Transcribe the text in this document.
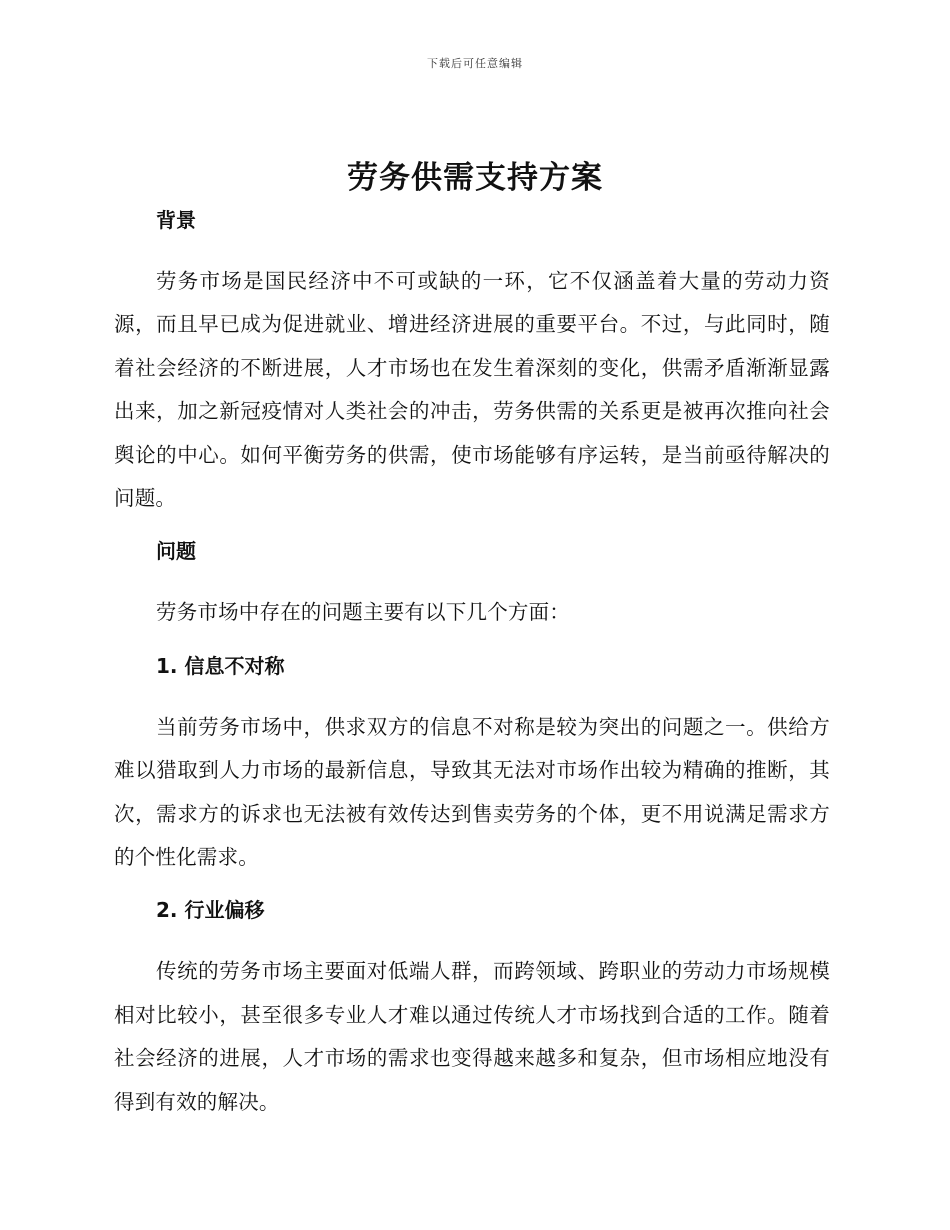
下载后可任意编辑
劳务供需支持方案
背景

劳务市场是国民经济中不可或缺的一环，它不仅涵盖着大量的劳动力资源，而且早已成为促进就业、增进经济进展的重要平台。不过，与此同时，随着社会经济的不断进展，人才市场也在发生着深刻的变化，供需矛盾渐渐显露出来，加之新冠疫情对人类社会的冲击，劳务供需的关系更是被再次推向社会舆论的中心。如何平衡劳务的供需，使市场能够有序运转，是当前亟待解决的问题。

问题

劳务市场中存在的问题主要有以下几个方面：

1. 信息不对称

当前劳务市场中，供求双方的信息不对称是较为突出的问题之一。供给方难以猎取到人力市场的最新信息，导致其无法对市场作出较为精确的推断，其次，需求方的诉求也无法被有效传达到售卖劳务的个体，更不用说满足需求方的个性化需求。

2. 行业偏移

传统的劳务市场主要面对低端人群，而跨领域、跨职业的劳动力市场规模相对比较小，甚至很多专业人才难以通过传统人才市场找到合适的工作。随着社会经济的进展，人才市场的需求也变得越来越多和复杂，但市场相应地没有得到有效的解决。
